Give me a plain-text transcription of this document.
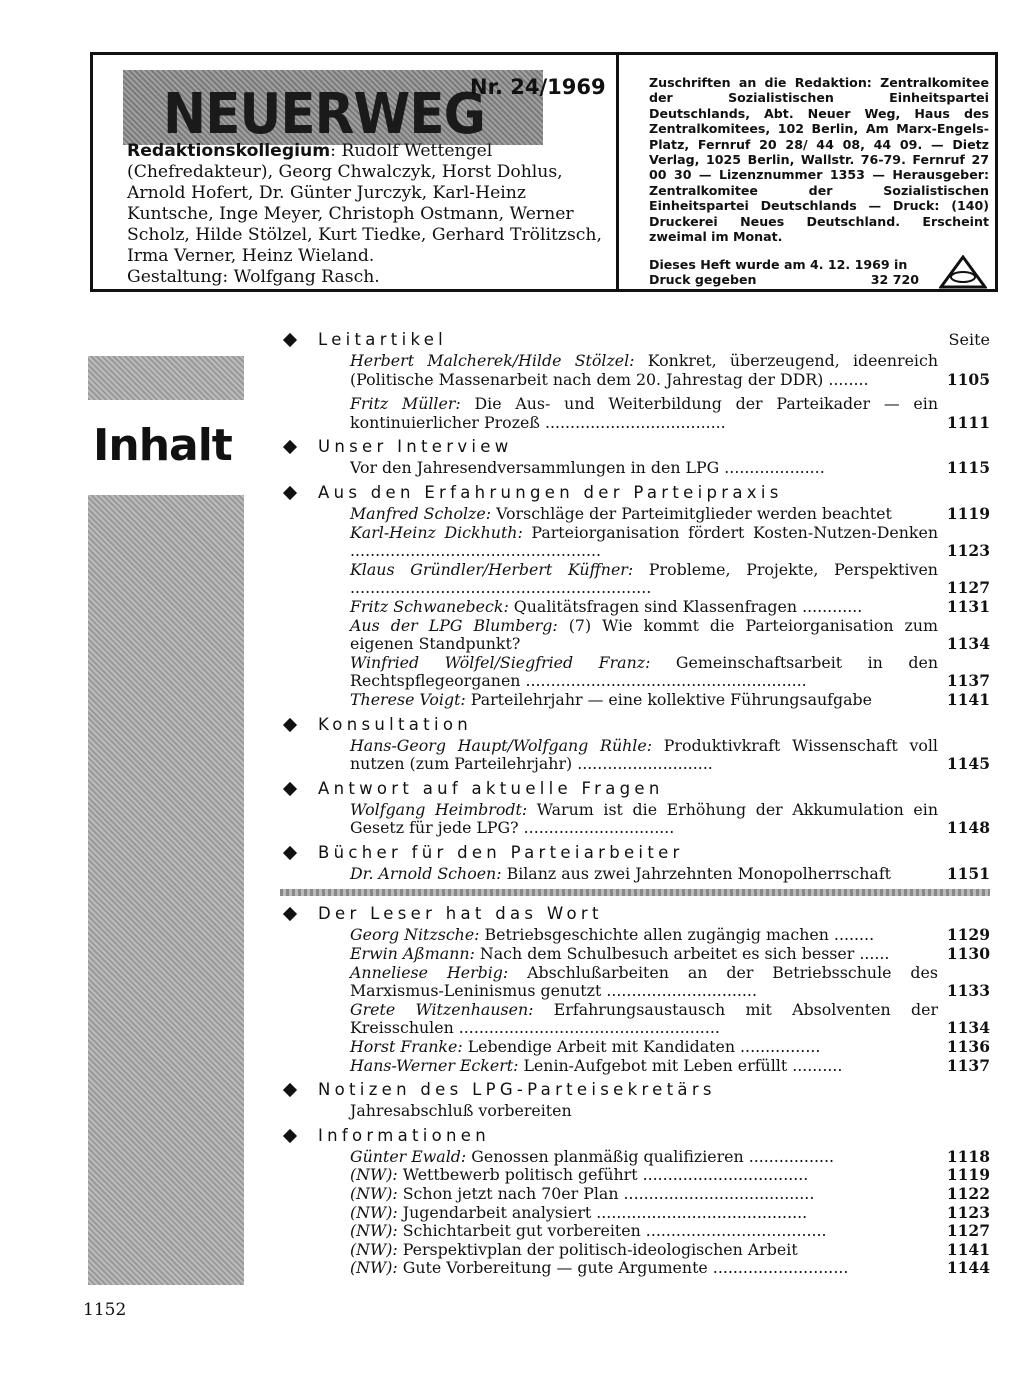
NEUERWEG
Nr. 24/1969
Redaktionskollegium: Rudolf Wettengel (Chefredakteur), Georg Chwalczyk, Horst Dohlus, Arnold Hofert, Dr. Günter Jurczyk, Karl-Heinz Kuntsche, Inge Meyer, Christoph Ostmann, Werner Scholz, Hilde Stölzel, Kurt Tiedke, Gerhard Trölitzsch, Irma Verner, Heinz Wieland.
Gestaltung: Wolfgang Rasch.
Zuschriften an die Redaktion: Zentralkomitee der Sozialistischen Einheitspartei Deutschlands, Abt. Neuer Weg, Haus des Zentralkomitees, 102 Berlin, Am Marx-Engels-Platz, Fernruf 20 28/ 44 08, 44 09. — Dietz Verlag, 1025 Berlin, Wallstr. 76-79. Fernruf 27 00 30 — Lizenznummer 1353 — Herausgeber: Zentralkomitee der Sozialistischen Einheitspartei Deutschlands — Druck: (140) Druckerei Neues Deutschland. Erscheint zweimal im Monat.
Dieses Heft wurde am 4. 12. 1969 in Druck gegeben	32 720
Inhalt
1152
Leitartikel	Seite
Herbert Malcherek/Hilde Stölzel: Konkret, überzeugend, ideenreich (Politische Massenarbeit nach dem 20. Jahrestag der DDR) ........	1105
Fritz Müller: Die Aus- und Weiterbildung der Parteikader — ein kontinuierlicher Prozeß ....................................	1111
Unser Interview
Vor den Jahresendversammlungen in den LPG ....................	1115
Aus den Erfahrungen der Parteipraxis
Manfred Scholze: Vorschläge der Parteimitglieder werden beachtet	1119
Karl-Heinz Dickhuth: Parteiorganisation fördert Kosten-Nutzen-Denken ..................................................	1123
Klaus Gründler/Herbert Küffner: Probleme, Projekte, Perspektiven ............................................................	1127
Fritz Schwanebeck: Qualitätsfragen sind Klassenfragen ............	1131
Aus der LPG Blumberg: (7) Wie kommt die Parteiorganisation zum eigenen Standpunkt?	1134
Winfried Wölfel/Siegfried Franz: Gemeinschaftsarbeit in den Rechtspflegeorganen ........................................................	1137
Therese Voigt: Parteilehrjahr — eine kollektive Führungsaufgabe	1141
Konsultation
Hans-Georg Haupt/Wolfgang Rühle: Produktivkraft Wissenschaft voll nutzen (zum Parteilehrjahr) ...........................	1145
Antwort auf aktuelle Fragen
Wolfgang Heimbrodt: Warum ist die Erhöhung der Akkumulation ein Gesetz für jede LPG? ..............................	1148
Bücher für den Parteiarbeiter
Dr. Arnold Schoen: Bilanz aus zwei Jahrzehnten Monopolherrschaft	1151
Der Leser hat das Wort
Georg Nitzsche: Betriebsgeschichte allen zugängig machen ........	1129
Erwin Aßmann: Nach dem Schulbesuch arbeitet es sich besser ......	1130
Anneliese Herbig: Abschlußarbeiten an der Betriebsschule des Marxismus-Leninismus genutzt ..............................	1133
Grete Witzenhausen: Erfahrungsaustausch mit Absolventen der Kreisschulen ....................................................	1134
Horst Franke: Lebendige Arbeit mit Kandidaten ................	1136
Hans-Werner Eckert: Lenin-Aufgebot mit Leben erfüllt ..........	1137
Notizen des LPG-Parteisekretärs
Jahresabschluß vorbereiten
Informationen
Günter Ewald: Genossen planmäßig qualifizieren .................	1118
(NW): Wettbewerb politisch geführt .................................	1119
(NW): Schon jetzt nach 70er Plan ......................................	1122
(NW): Jugendarbeit analysiert ..........................................	1123
(NW): Schichtarbeit gut vorbereiten ....................................	1127
(NW): Perspektivplan der politisch-ideologischen Arbeit	1141
(NW): Gute Vorbereitung — gute Argumente ...........................	1144
